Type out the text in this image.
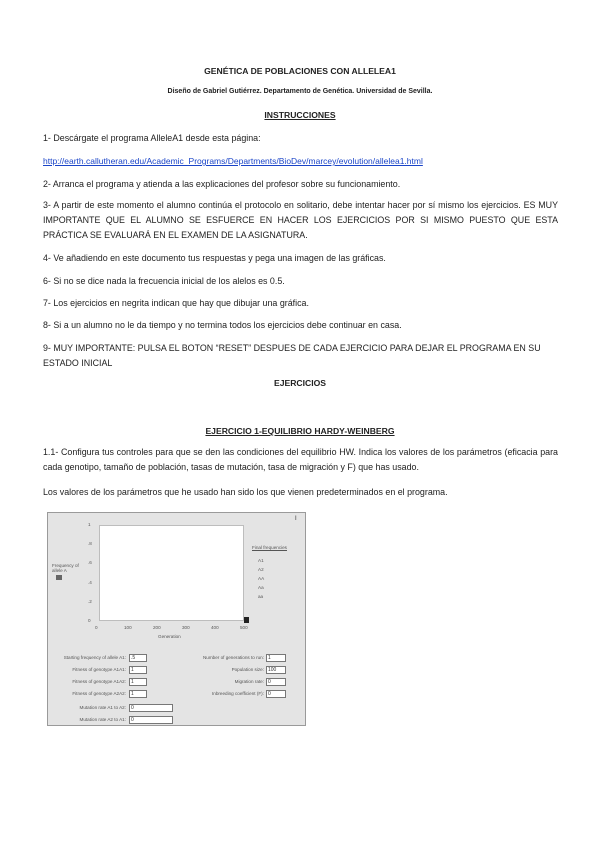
GENÉTICA DE POBLACIONES CON ALLELEA1
Diseño de Gabriel Gutiérrez. Departamento de Genética. Universidad de Sevilla.
INSTRUCCIONES
1- Descárgate el programa AlleleA1 desde esta página:
http://earth.callutheran.edu/Academic_Programs/Departments/BioDev/marcey/evolution/allelea1.html
2- Arranca el programa y atienda a las explicaciones del profesor sobre su funcionamiento.
3- A partir de este momento el alumno continúa el protocolo en solitario, debe intentar hacer por sí mismo los ejercicios. ES MUY IMPORTANTE QUE EL ALUMNO SE ESFUERCE EN HACER LOS EJERCICIOS POR SI MISMO PUESTO QUE ESTA PRÁCTICA SE EVALUARÁ EN EL EXAMEN DE LA ASIGNATURA.
4- Ve añadiendo en este documento tus respuestas y pega una imagen de las gráficas.
6- Si no se dice nada la frecuencia inicial de los alelos es 0.5.
7- Los ejercicios en negrita indican que hay que dibujar una gráfica.
8- Si a un alumno no le da tiempo y no termina todos los ejercicios debe continuar en casa.
9- MUY IMPORTANTE: PULSA EL BOTON “RESET” DESPUES DE CADA EJERCICIO PARA DEJAR EL PROGRAMA EN SU ESTADO INICIAL
EJERCICIOS
EJERCICIO 1-EQUILIBRIO HARDY-WEINBERG
1.1- Configura tus controles para que se den las condiciones del equilibrio HW. Indica los valores de los parámetros (eficacia para cada genotipo, tamaño de población, tasas de mutación, tasa de migración y F) que has usado.
Los valores de los parámetros que he usado han sido los que vienen predeterminados en el programa.
I
Frequency of allele A
1
.8
.6
.4
.2
0
0	100	200	300	400	500
Generation
Final frequencies
A1
A2
AA
Aa
aa
Starting frequency of allele A1:	.5
Fitness of genotype A1A1:	1
Fitness of genotype A1A2:	1
Fitness of genotype A2A2:	1
Mutation rate A1 to A2:	0
Mutation rate A2 to A1:	0
Number of generations to run: 1
Population size: 100
Migration rate: 0
Inbreeding coefficient (F): 0
